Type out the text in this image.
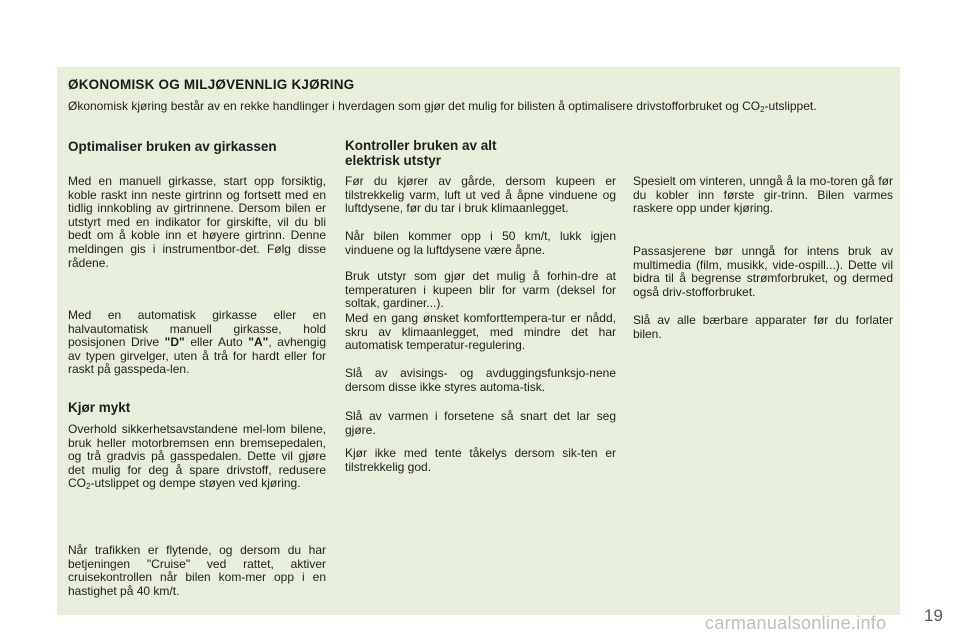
ØKONOMISK OG MILJØVENNLIG KJØRING
Økonomisk kjøring består av en rekke handlinger i hverdagen som gjør det mulig for bilisten å optimalisere drivstofforbruket og $CO_2$-utslippet.
Optimaliser bruken av girkassen

Med en manuell girkasse, start opp forsiktig, koble raskt inn neste girtrinn og fortsett med en tidlig innkobling av girtrinnene. Dersom bilen er utstyrt med en indikator for girskifte, vil du bli bedt om å koble inn et høyere girtrinn. Denne meldingen gis i instrumentbor-det. Følg disse rådene.

Med en automatisk girkasse eller en halvautomatisk manuell girkasse, hold posisjonen Drive "D" eller Auto "A", avhengig av typen girvelger, uten å trå for hardt eller for raskt på gasspeda-len.

Kjør mykt

Overhold sikkerhetsavstandene mel-lom bilene, bruk heller motorbremsen enn bremsepedalen, og trå gradvis på gasspedalen. Dette vil gjøre det mulig for deg å spare drivstoff, redusere $CO_2$-utslippet og dempe støyen ved kjøring.

Når trafikken er flytende, og dersom du har betjeningen "Cruise" ved rattet, aktiver cruisekontrollen når bilen kom-mer opp i en hastighet på 40 km/t.

Kontroller bruken av alt elektrisk utstyr

Før du kjører av gårde, dersom kupeen er tilstrekkelig varm, luft ut ved å åpne vinduene og luftdysene, før du tar i bruk klimaanlegget.

Når bilen kommer opp i 50 km/t, lukk igjen vinduene og la luftdysene være åpne.

Bruk utstyr som gjør det mulig å forhin-dre at temperaturen i kupeen blir for varm (deksel for soltak, gardiner...).

Med en gang ønsket komforttempera-tur er nådd, skru av klimaanlegget, med mindre det har automatisk temperatur-regulering.

Slå av avisings- og avduggingsfunksjo-nene dersom disse ikke styres automa-tisk.

Slå av varmen i forsetene så snart det lar seg gjøre.

Kjør ikke med tente tåkelys dersom sik-ten er tilstrekkelig god.

Spesielt om vinteren, unngå å la mo-toren gå før du kobler inn første gir-trinn. Bilen varmes raskere opp under kjøring.

Passasjerene bør unngå for intens bruk av multimedia (film, musikk, vide-ospill...). Dette vil bidra til å begrense strømforbruket, og dermed også driv-stofforbruket.

Slå av alle bærbare apparater før du forlater bilen.

19
carmanualsonline.info
